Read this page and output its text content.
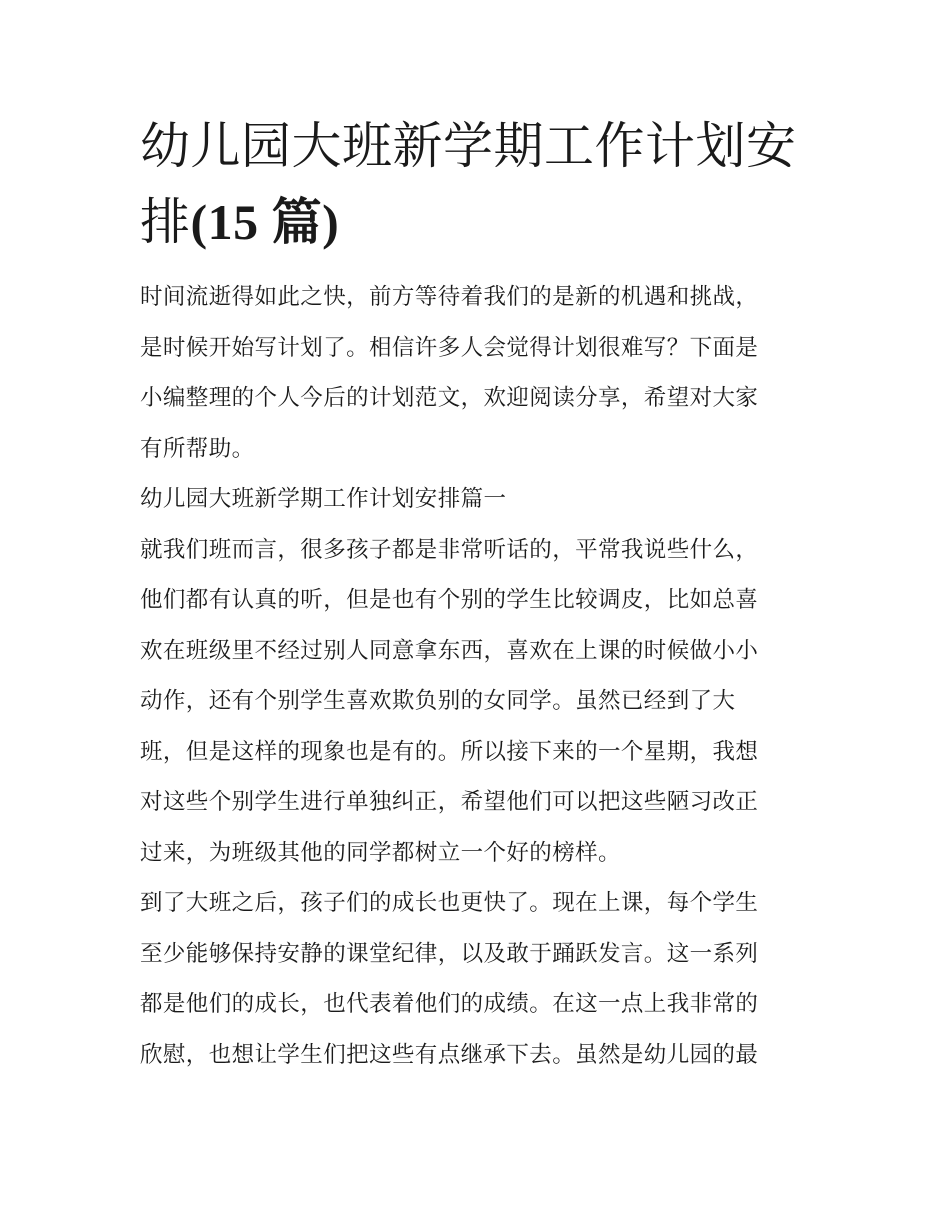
幼儿园大班新学期工作计划安
排(15 篇)
时间流逝得如此之快，前方等待着我们的是新的机遇和挑战，
是时候开始写计划了。相信许多人会觉得计划很难写？下面是
小编整理的个人今后的计划范文，欢迎阅读分享，希望对大家
有所帮助。
幼儿园大班新学期工作计划安排篇一
就我们班而言，很多孩子都是非常听话的，平常我说些什么，
他们都有认真的听，但是也有个别的学生比较调皮，比如总喜
欢在班级里不经过别人同意拿东西，喜欢在上课的时候做小小
动作，还有个别学生喜欢欺负别的女同学。虽然已经到了大
班，但是这样的现象也是有的。所以接下来的一个星期，我想
对这些个别学生进行单独纠正，希望他们可以把这些陋习改正
过来，为班级其他的同学都树立一个好的榜样。
到了大班之后，孩子们的成长也更快了。现在上课，每个学生
至少能够保持安静的课堂纪律，以及敢于踊跃发言。这一系列
都是他们的成长，也代表着他们的成绩。在这一点上我非常的
欣慰，也想让学生们把这些有点继承下去。虽然是幼儿园的最
